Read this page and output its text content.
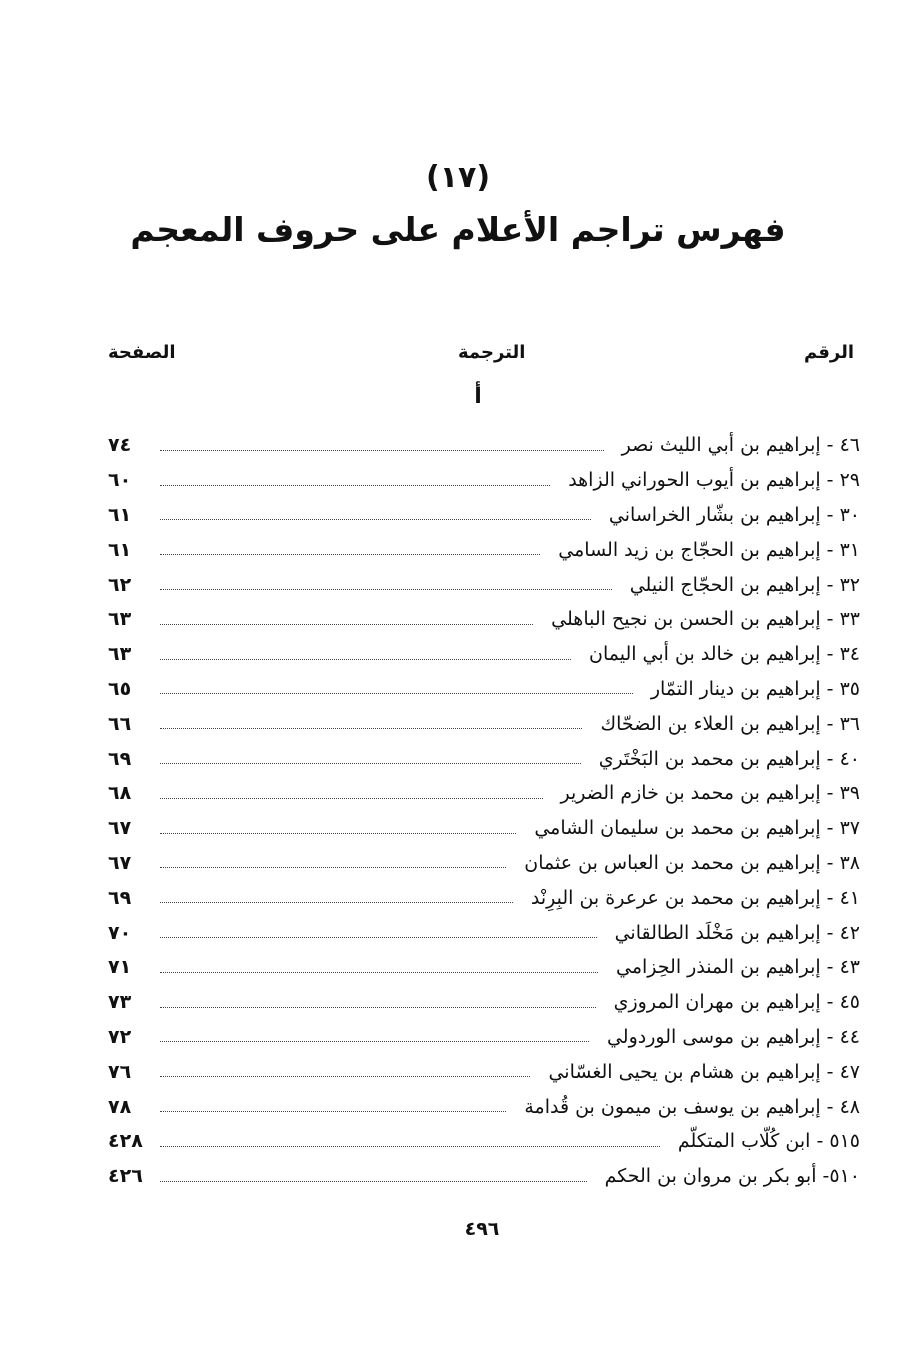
(١٧)
فهرس تراجم الأعلام على حروف المعجم
الرقم
الترجمة
الصفحة
أ
٤٦ - إبراهيم بن أبي الليث نصر
٧٤
٢٩ - إبراهيم بن أيوب الحوراني الزاهد
٦٠
٣٠ - إبراهيم بن بشّار الخراساني
٦١
٣١ - إبراهيم بن الحجّاج بن زيد السامي
٦١
٣٢ - إبراهيم بن الحجّاج النيلي
٦٢
٣٣ - إبراهيم بن الحسن بن نجيح الباهلي
٦٣
٣٤ - إبراهيم بن خالد بن أبي اليمان
٦٣
٣٥ - إبراهيم بن دينار التمّار
٦٥
٣٦ - إبراهيم بن العلاء بن الضحّاك
٦٦
٤٠ - إبراهيم بن محمد بن البَخْتَري
٦٩
٣٩ - إبراهيم بن محمد بن خازم الضرير
٦٨
٣٧ - إبراهيم بن محمد بن سليمان الشامي
٦٧
٣٨ - إبراهيم بن محمد بن العباس بن عثمان
٦٧
٤١ - إبراهيم بن محمد بن عرعرة بن البِرِنْد
٦٩
٤٢ - إبراهيم بن مَخْلَد الطالقاني
٧٠
٤٣ - إبراهيم بن المنذر الحِزامي
٧١
٤٥ - إبراهيم بن مهران المروزي
٧٣
٤٤ - إبراهيم بن موسى الوردولي
٧٢
٤٧ - إبراهيم بن هشام بن يحيى الغسّاني
٧٦
٤٨ - إبراهيم بن يوسف بن ميمون بن قُدامة
٧٨
٥١٥ - ابن كُلّاب المتكلّم
٤٢٨
٥١٠- أبو بكر بن مروان بن الحكم
٤٢٦
٤٩٦
